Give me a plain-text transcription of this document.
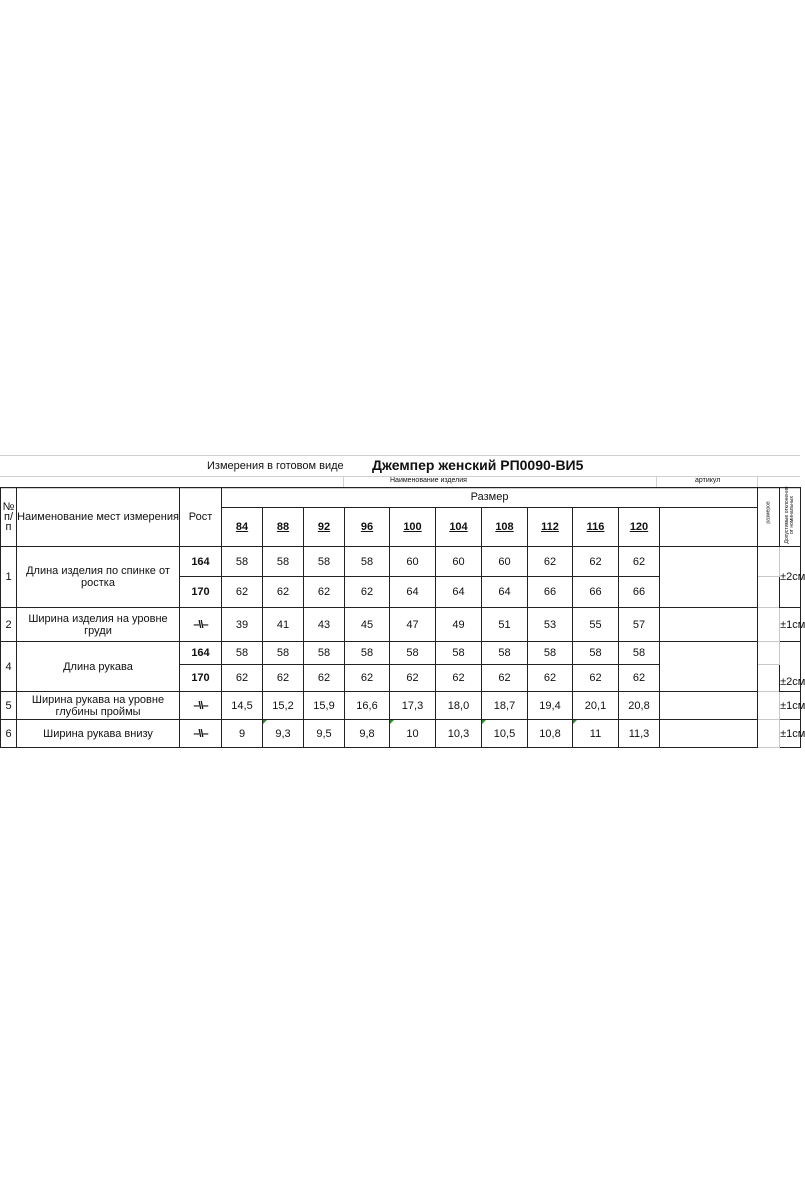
Измерения в готовом виде Джемпер женский РП0090-ВИ5
Наименование изделия	артикул
№ п/ п	Наименование мест измерения	Рост	Размер											размеров	Допустимые отклонения от номинальных

			84	88	92	96	100	104	108	112	116	120			
1	Длина изделия по спинке от ростка	164	58	58	58	58	60	60	60	62	62	62			±2см
		170	62	62	62	62	64	64	64	66	66	66			
2	Ширина изделия на уровне груди	–\\–	39	41	43	45	47	49	51	53	55	57			±1см
4	Длина рукава	164	58	58	58	58	58	58	58	58	58	58			±2см
		170	62	62	62	62	62	62	62	62	62	62			
5	Ширина рукава на уровне глубины проймы	–\\–	14,5	15,2	15,9	16,6	17,3	18,0	18,7	19,4	20,1	20,8			±1см
6	Ширина рукава внизу	–\\–	9	9,3	9,5	9,8	10	10,3	10,5	10,8	11	11,3			±1см
